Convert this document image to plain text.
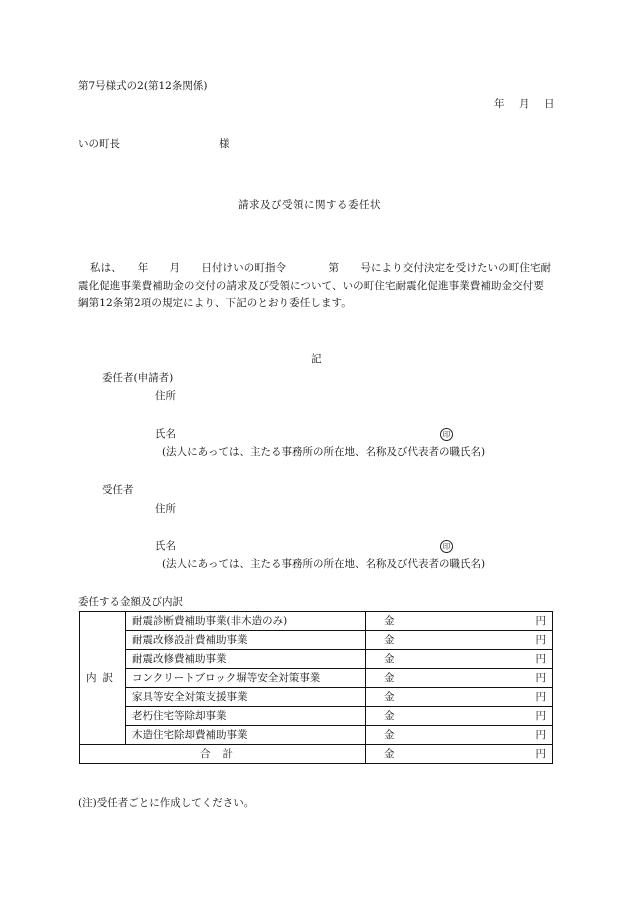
第7号様式の2(第12条関係)
年　月　日
いの町長	様
請求及び受領に関する委任状
私は、　　年　　月　　日付けいの町指令　　　　第　　号により交付決定を受けたいの町住宅耐震化促進事業費補助金の交付の請求及び受領について、いの町住宅耐震化促進事業費補助金交付要綱第12条第2項の規定により、下記のとおり委任します。
記
委任者(申請者)
住所
氏名	印
(法人にあっては、主たる事務所の所在地、名称及び代表者の職氏名)
受任者
住所
氏名	印
(法人にあっては、主たる事務所の所在地、名称及び代表者の職氏名)
委任する金額及び内訳
内訳	耐震診断費補助事業(非木造のみ)	金 円

	耐震改修設計費補助事業	金 円

	耐震改修費補助事業	金 円

	コンクリートブロック塀等安全対策事業	金 円

	家具等安全対策支援事業	金 円

	老朽住宅等除却事業	金 円

	木造住宅除却費補助事業	金 円

合計		金 円
(注)受任者ごとに作成してください。
